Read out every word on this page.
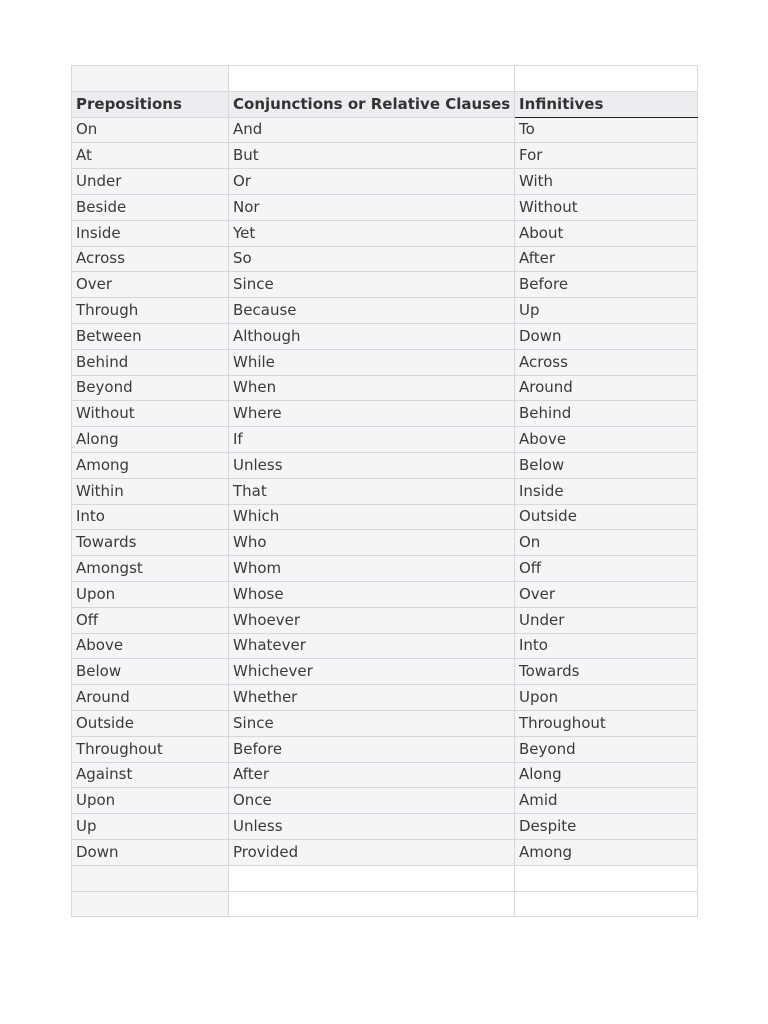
Prepositions	Conjunctions or Relative Clauses	Infinitives
On	And	To
At	But	For
Under	Or	With
Beside	Nor	Without
Inside	Yet	About
Across	So	After
Over	Since	Before
Through	Because	Up
Between	Although	Down
Behind	While	Across
Beyond	When	Around
Without	Where	Behind
Along	If	Above
Among	Unless	Below
Within	That	Inside
Into	Which	Outside
Towards	Who	On
Amongst	Whom	Off
Upon	Whose	Over
Off	Whoever	Under
Above	Whatever	Into
Below	Whichever	Towards
Around	Whether	Upon
Outside	Since	Throughout
Throughout	Before	Beyond
Against	After	Along
Upon	Once	Amid
Up	Unless	Despite
Down	Provided	Among
